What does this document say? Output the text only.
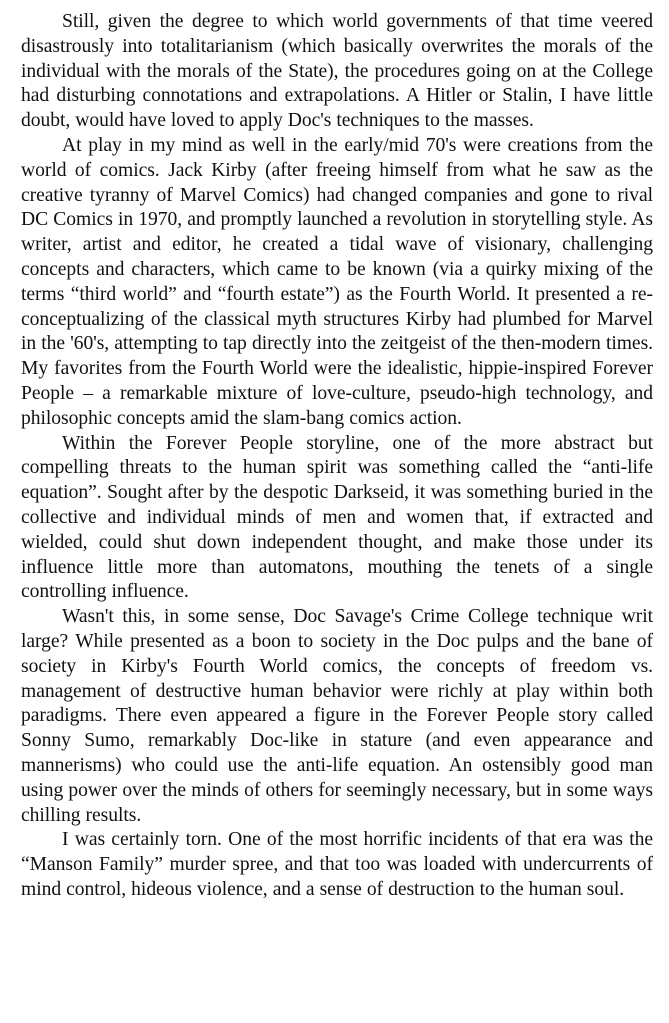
Still, given the degree to which world governments of that time veered disastrously into totalitarianism (which basically overwrites the morals of the individual with the morals of the State), the procedures going on at the College had disturbing connotations and extrapolations. A Hitler or Stalin, I have little doubt, would have loved to apply Doc's techniques to the masses.

At play in my mind as well in the early/mid 70's were creations from the world of comics. Jack Kirby (after freeing himself from what he saw as the creative tyranny of Marvel Comics) had changed companies and gone to rival DC Comics in 1970, and promptly launched a revolution in storytelling style. As writer, artist and editor, he created a tidal wave of visionary, challenging concepts and characters, which came to be known (via a quirky mixing of the terms “third world” and “fourth estate”) as the Fourth World. It presented a re-conceptualizing of the classical myth structures Kirby had plumbed for Marvel in the '60's, attempting to tap directly into the zeitgeist of the then-modern times. My favorites from the Fourth World were the idealistic, hippie-inspired Forever People – a remarkable mixture of love-culture, pseudo-high technology, and philosophic concepts amid the slam-bang comics action.

Within the Forever People storyline, one of the more abstract but compelling threats to the human spirit was something called the “anti-life equation”. Sought after by the despotic Darkseid, it was something buried in the collective and individual minds of men and women that, if extracted and wielded, could shut down independent thought, and make those under its influence little more than automatons, mouthing the tenets of a single controlling influence.

Wasn't this, in some sense, Doc Savage's Crime College technique writ large? While presented as a boon to society in the Doc pulps and the bane of society in Kirby's Fourth World comics, the concepts of freedom vs. management of destructive human behavior were richly at play within both paradigms. There even appeared a figure in the Forever People story called Sonny Sumo, remarkably Doc-like in stature (and even appearance and mannerisms) who could use the anti-life equation. An ostensibly good man using power over the minds of others for seemingly necessary, but in some ways chilling results.

I was certainly torn. One of the most horrific incidents of that era was the “Manson Family” murder spree, and that too was loaded with undercurrents of mind control, hideous violence, and a sense of destruction to the human soul.
